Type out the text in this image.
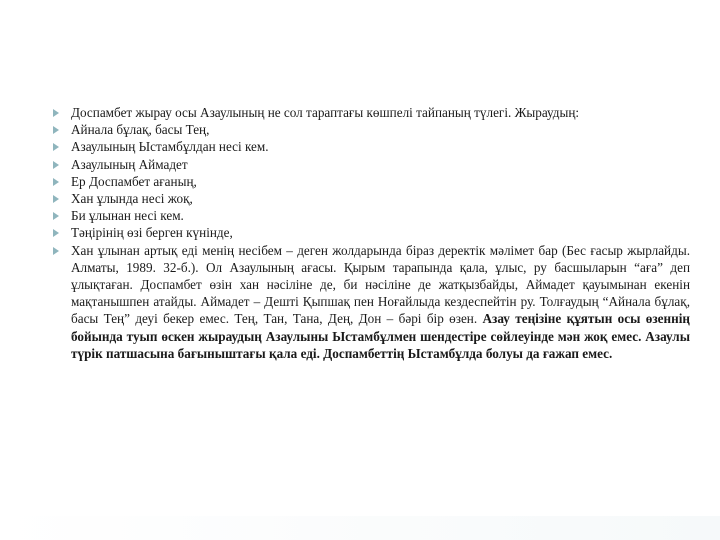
Доспамбет жырау осы Азаулының не сол тараптағы көшпелі тайпаның түлегі. Жыраудың:
Айнала бұлақ, басы Тең,
Азаулының Ыстамбұлдан несі кем.
Азаулының Аймадет
Ер Доспамбет ағаның,
Хан ұлында несі жоқ,
Би ұлынан несі кем.
Тәңірінің өзі берген күнінде,
Хан ұлынан артық еді менің несібем – деген жолдарында біраз деректік мәлімет бар (Бес ғасыр жырлайды. Алматы, 1989. 32-б.). Ол Азаулының ағасы. Қырым тарапында қала, ұлыс, ру басшыларын “аға” деп ұлықтаған. Доспамбет өзін хан нәсіліне де, би нәсіліне де жатқызбайды, Аймадет қауымынан екенін мақтанышпен атайды. Аймадет – Дешті Қыпшақ пен Ноғайлыда кездеспейтін ру. Толғаудың “Айнала бұлақ, басы Тең” деуі бекер емес. Тең, Тан, Тана, Дең, Дон – бәрі бір өзен. Азау теңізіне құятын осы өзеннің бойында туып өскен жыраудың Азаулыны Ыстамбұлмен шендестіре сөйлеуінде мән жоқ емес. Азаулы түрік патшасына бағыныштағы қала еді. Доспамбеттің Ыстамбұлда болуы да ғажап емес.
